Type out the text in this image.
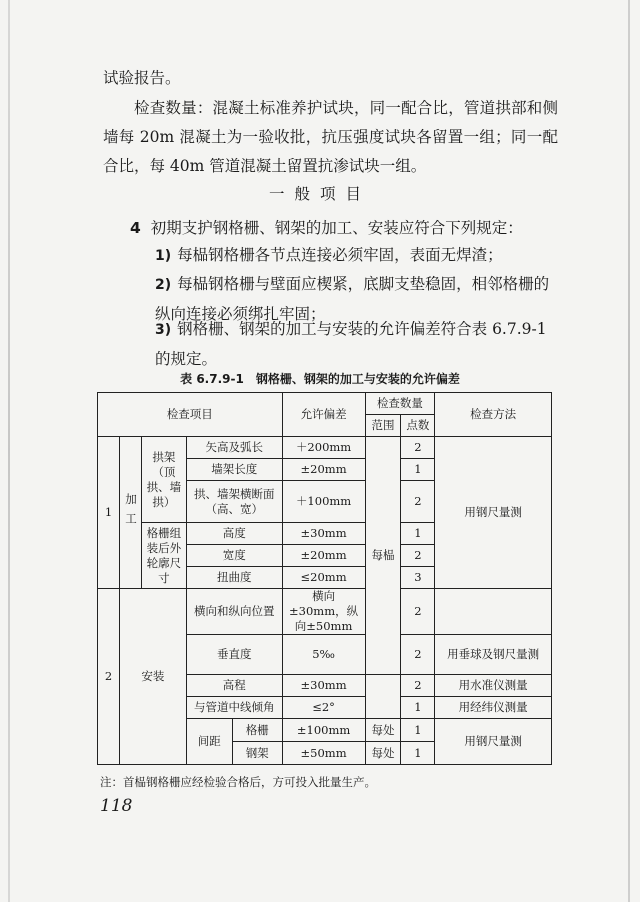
试验报告。
检查数量：混凝土标准养护试块，同一配合比，管道拱部和侧墙每 20m 混凝土为一验收批，抗压强度试块各留置一组；同一配合比，每 40m 管道混凝土留置抗渗试块一组。
一般项目
4 初期支护钢格栅、钢架的加工、安装应符合下列规定：
1) 每榀钢格栅各节点连接必须牢固，表面无焊渣；
2) 每榀钢格栅与壁面应楔紧，底脚支垫稳固，相邻格栅的纵向连接必须绑扎牢固；
3) 钢格栅、钢架的加工与安装的允许偏差符合表 6.7.9-1 的规定。
表 6.7.9-1　钢格栅、钢架的加工与安装的允许偏差
检查项目					允许偏差	检查数量		检查方法
						范围	点数	
1	加工	拱架（顶拱、墙拱）	矢高及弧长		＋200mm	每榀	2	用钢尺量测
			墙架长度		±20mm		1	
			拱、墙架横断面（高、宽）		＋100mm		2	
		格栅组装后外轮廓尺寸	高度		±30mm		1	
			宽度		±20mm		2	
			扭曲度		≤20mm		3	
2	安装		横向和纵向位置		横向±30mm，纵向±50mm		2	
			垂直度		5‰		2	用垂球及钢尺量测
			高程		±30mm		2	用水准仪测量
			与管道中线倾角		≤2°		1	用经纬仪测量
			间距	格栅	±100mm	每处	1	用钢尺量测
				钢架	±50mm	每处	1	
注：首榀钢格栅应经检验合格后，方可投入批量生产。
118
